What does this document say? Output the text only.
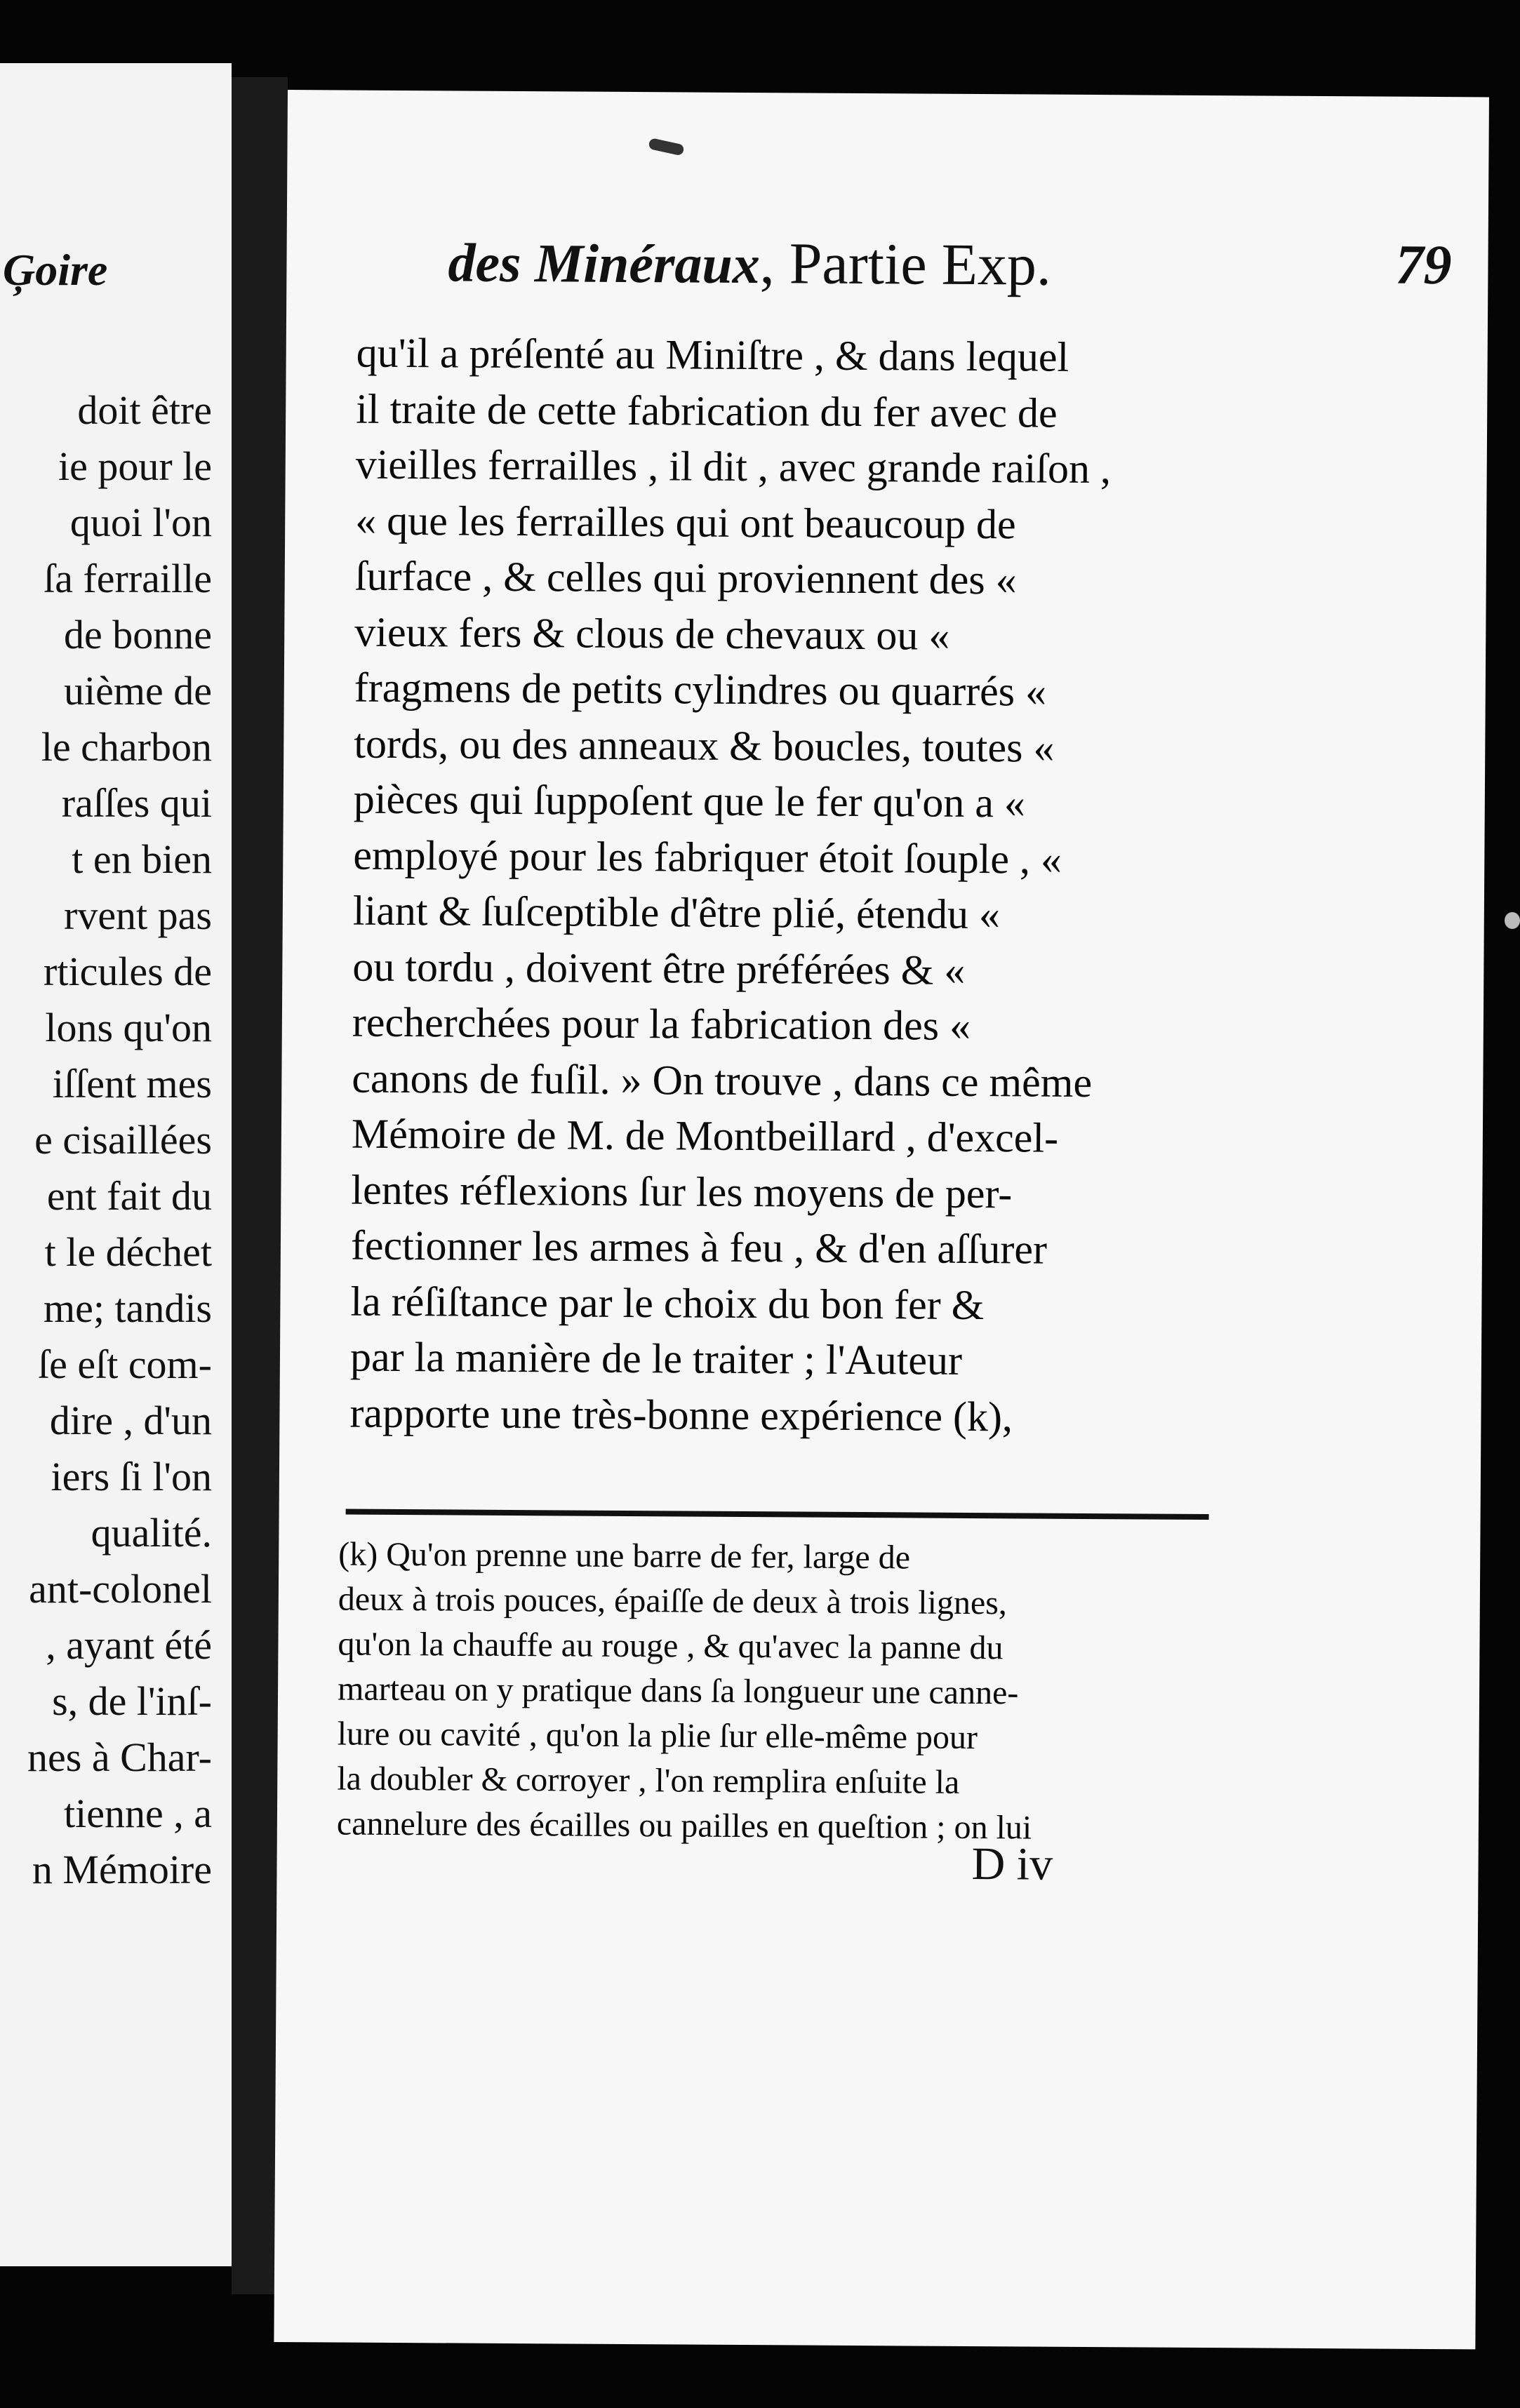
Ģoire
doit être
ie pour le
quoi l'on
ſa ferraille
de bonne
uième de
le charbon
raſſes qui
t en bien
rvent pas
rticules de
lons qu'on
iſſent mes
e cisaillées
ent fait du
t le déchet
me; tandis
ſe eſt com-
dire , d'un
iers ſi l'on
qualité.
ant-colonel
, ayant été
s, de l'inſ-
nes à Char-
tienne , a
n Mémoire
des Minéraux, Partie Exp.	79
qu'il a préſenté au Miniſtre , & dans lequel
il traite de cette fabrication du fer avec de
vieilles ferrailles , il dit , avec grande raiſon ,
« que les ferrailles qui ont beaucoup de
ſurface , & celles qui proviennent des «
vieux fers & clous de chevaux ou «
fragmens de petits cylindres ou quarrés «
tords, ou des anneaux & boucles, toutes «
pièces qui ſuppoſent que le fer qu'on a «
employé pour les fabriquer étoit ſouple , «
liant & ſuſceptible d'être plié, étendu «
ou tordu , doivent être préférées & «
recherchées pour la fabrication des «
canons de fuſil. » On trouve , dans ce même
Mémoire de M. de Montbeillard , d'excel-
lentes réflexions ſur les moyens de per-
fectionner les armes à feu , & d'en aſſurer
la réſiſtance par le choix du bon fer &
par la manière de le traiter ; l'Auteur
rapporte une très-bonne expérience (k),
(k) Qu'on prenne une barre de fer, large de
deux à trois pouces, épaiſſe de deux à trois lignes,
qu'on la chauffe au rouge , & qu'avec la panne du
marteau on y pratique dans ſa longueur une canne-
lure ou cavité , qu'on la plie ſur elle-même pour
la doubler & corroyer , l'on remplira enſuite la
cannelure des écailles ou pailles en queſtion ; on lui
D iv
